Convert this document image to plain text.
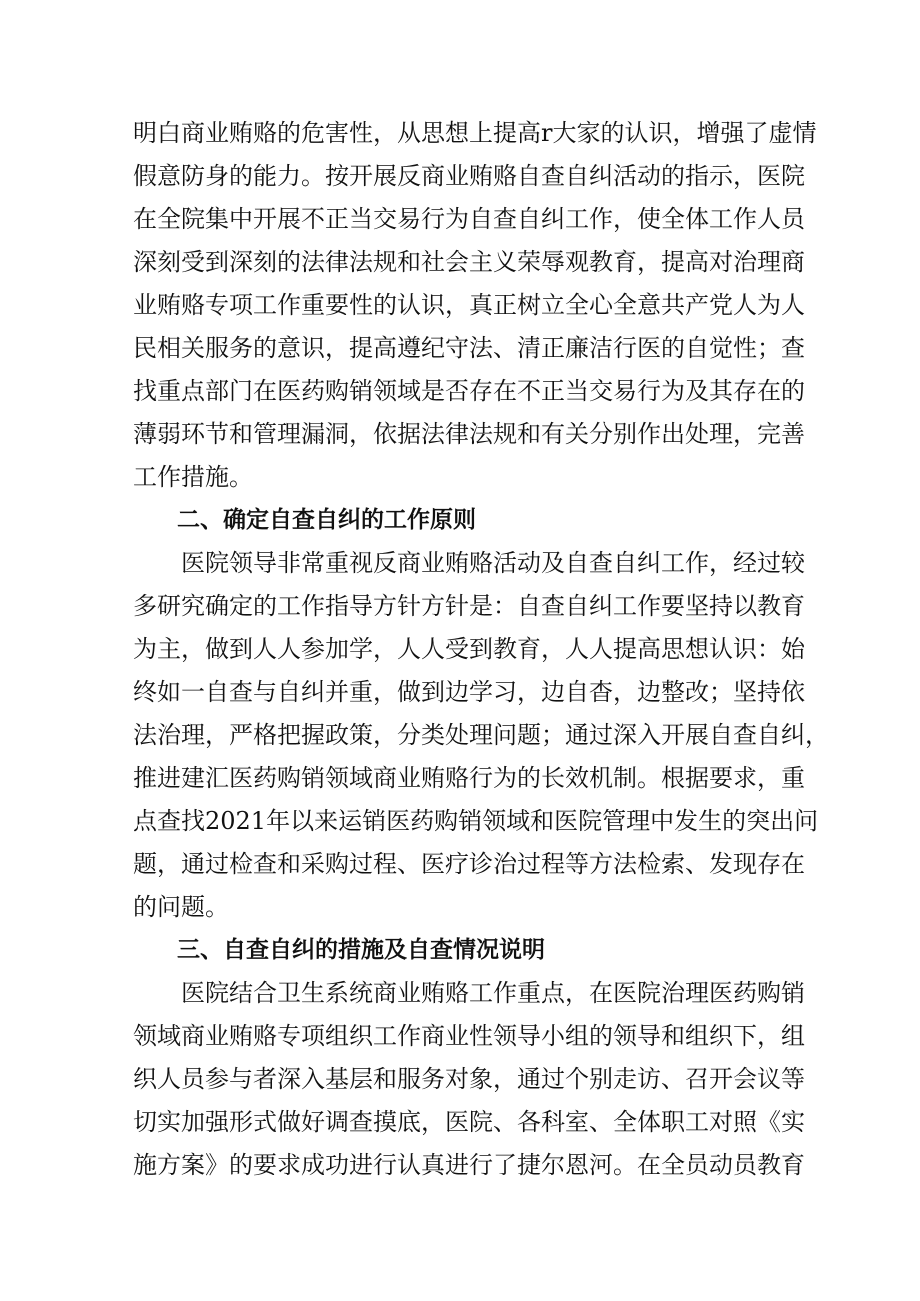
明白商业贿赂的危害性，从思想上提高r大家的认识，增强了虚情

假意防身的能力。按开展反商业贿赂自查自纠活动的指示，医院

在全院集中开展不正当交易行为自查自纠工作，使全体工作人员

深刻受到深刻的法律法规和社会主义荣辱观教育，提高对治理商

业贿赂专项工作重要性的认识，真正树立全心全意共产党人为人

民相关服务的意识，提高遵纪守法、清正廉洁行医的自觉性；查

找重点部门在医药购销领域是否存在不正当交易行为及其存在的

薄弱环节和管理漏洞，依据法律法规和有关分别作出处理，完善

工作措施。

二、确定自查自纠的工作原则

医院领导非常重视反商业贿赂活动及自查自纠工作，经过较

多研究确定的工作指导方针方针是：自查自纠工作要坚持以教育

为主，做到人人参加学，人人受到教育，人人提高思想认识：始

终如一自查与自纠并重，做到边学习，边自杳，边整改；坚持依

法治理，严格把握政策，分类处理问题；通过深入开展自查自纠，

推进建汇医药购销领域商业贿赂行为的长效机制。根据要求，重

点查找2021年以来运销医药购销领域和医院管理中发生的突出问

题，通过检查和采购过程、医疗诊治过程等方法检索、发现存在

的问题。

三、自查自纠的措施及自查情况说明

医院结合卫生系统商业贿赂工作重点，在医院治理医药购销

领域商业贿赂专项组织工作商业性领导小组的领导和组织下，组

织人员参与者深入基层和服务对象，通过个别走访、召开会议等

切实加强形式做好调查摸底，医院、各科室、全体职工对照《实

施方案》的要求成功进行认真进行了捷尔恩河。在全员动员教育
